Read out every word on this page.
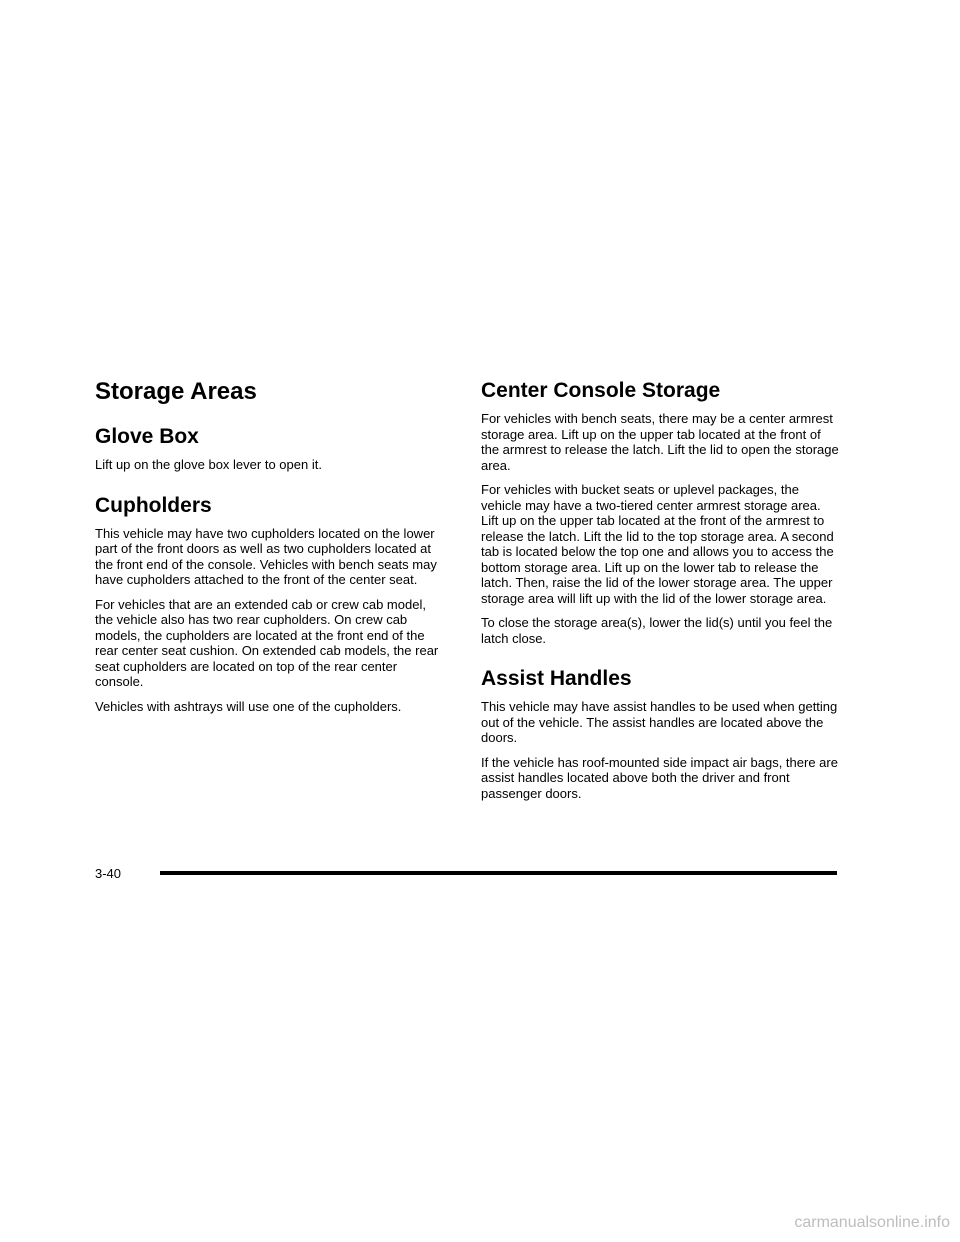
Storage Areas
Glove Box

Lift up on the glove box lever to open it.

Cupholders

This vehicle may have two cupholders located on the lower part of the front doors as well as two cupholders located at the front end of the console. Vehicles with bench seats may have cupholders attached to the front of the center seat.

For vehicles that are an extended cab or crew cab model, the vehicle also has two rear cupholders. On crew cab models, the cupholders are located at the front end of the rear center seat cushion. On extended cab models, the rear seat cupholders are located on top of the rear center console.

Vehicles with ashtrays will use one of the cupholders.

Center Console Storage

For vehicles with bench seats, there may be a center armrest storage area. Lift up on the upper tab located at the front of the armrest to release the latch. Lift the lid to open the storage area.

For vehicles with bucket seats or uplevel packages, the vehicle may have a two-tiered center armrest storage area. Lift up on the upper tab located at the front of the armrest to release the latch. Lift the lid to the top storage area. A second tab is located below the top one and allows you to access the bottom storage area. Lift up on the lower tab to release the latch. Then, raise the lid of the lower storage area. The upper storage area will lift up with the lid of the lower storage area.

To close the storage area(s), lower the lid(s) until you feel the latch close.

Assist Handles

This vehicle may have assist handles to be used when getting out of the vehicle. The assist handles are located above the doors.

If the vehicle has roof-mounted side impact air bags, there are assist handles located above both the driver and front passenger doors.

3-40
carmanualsonline.info
